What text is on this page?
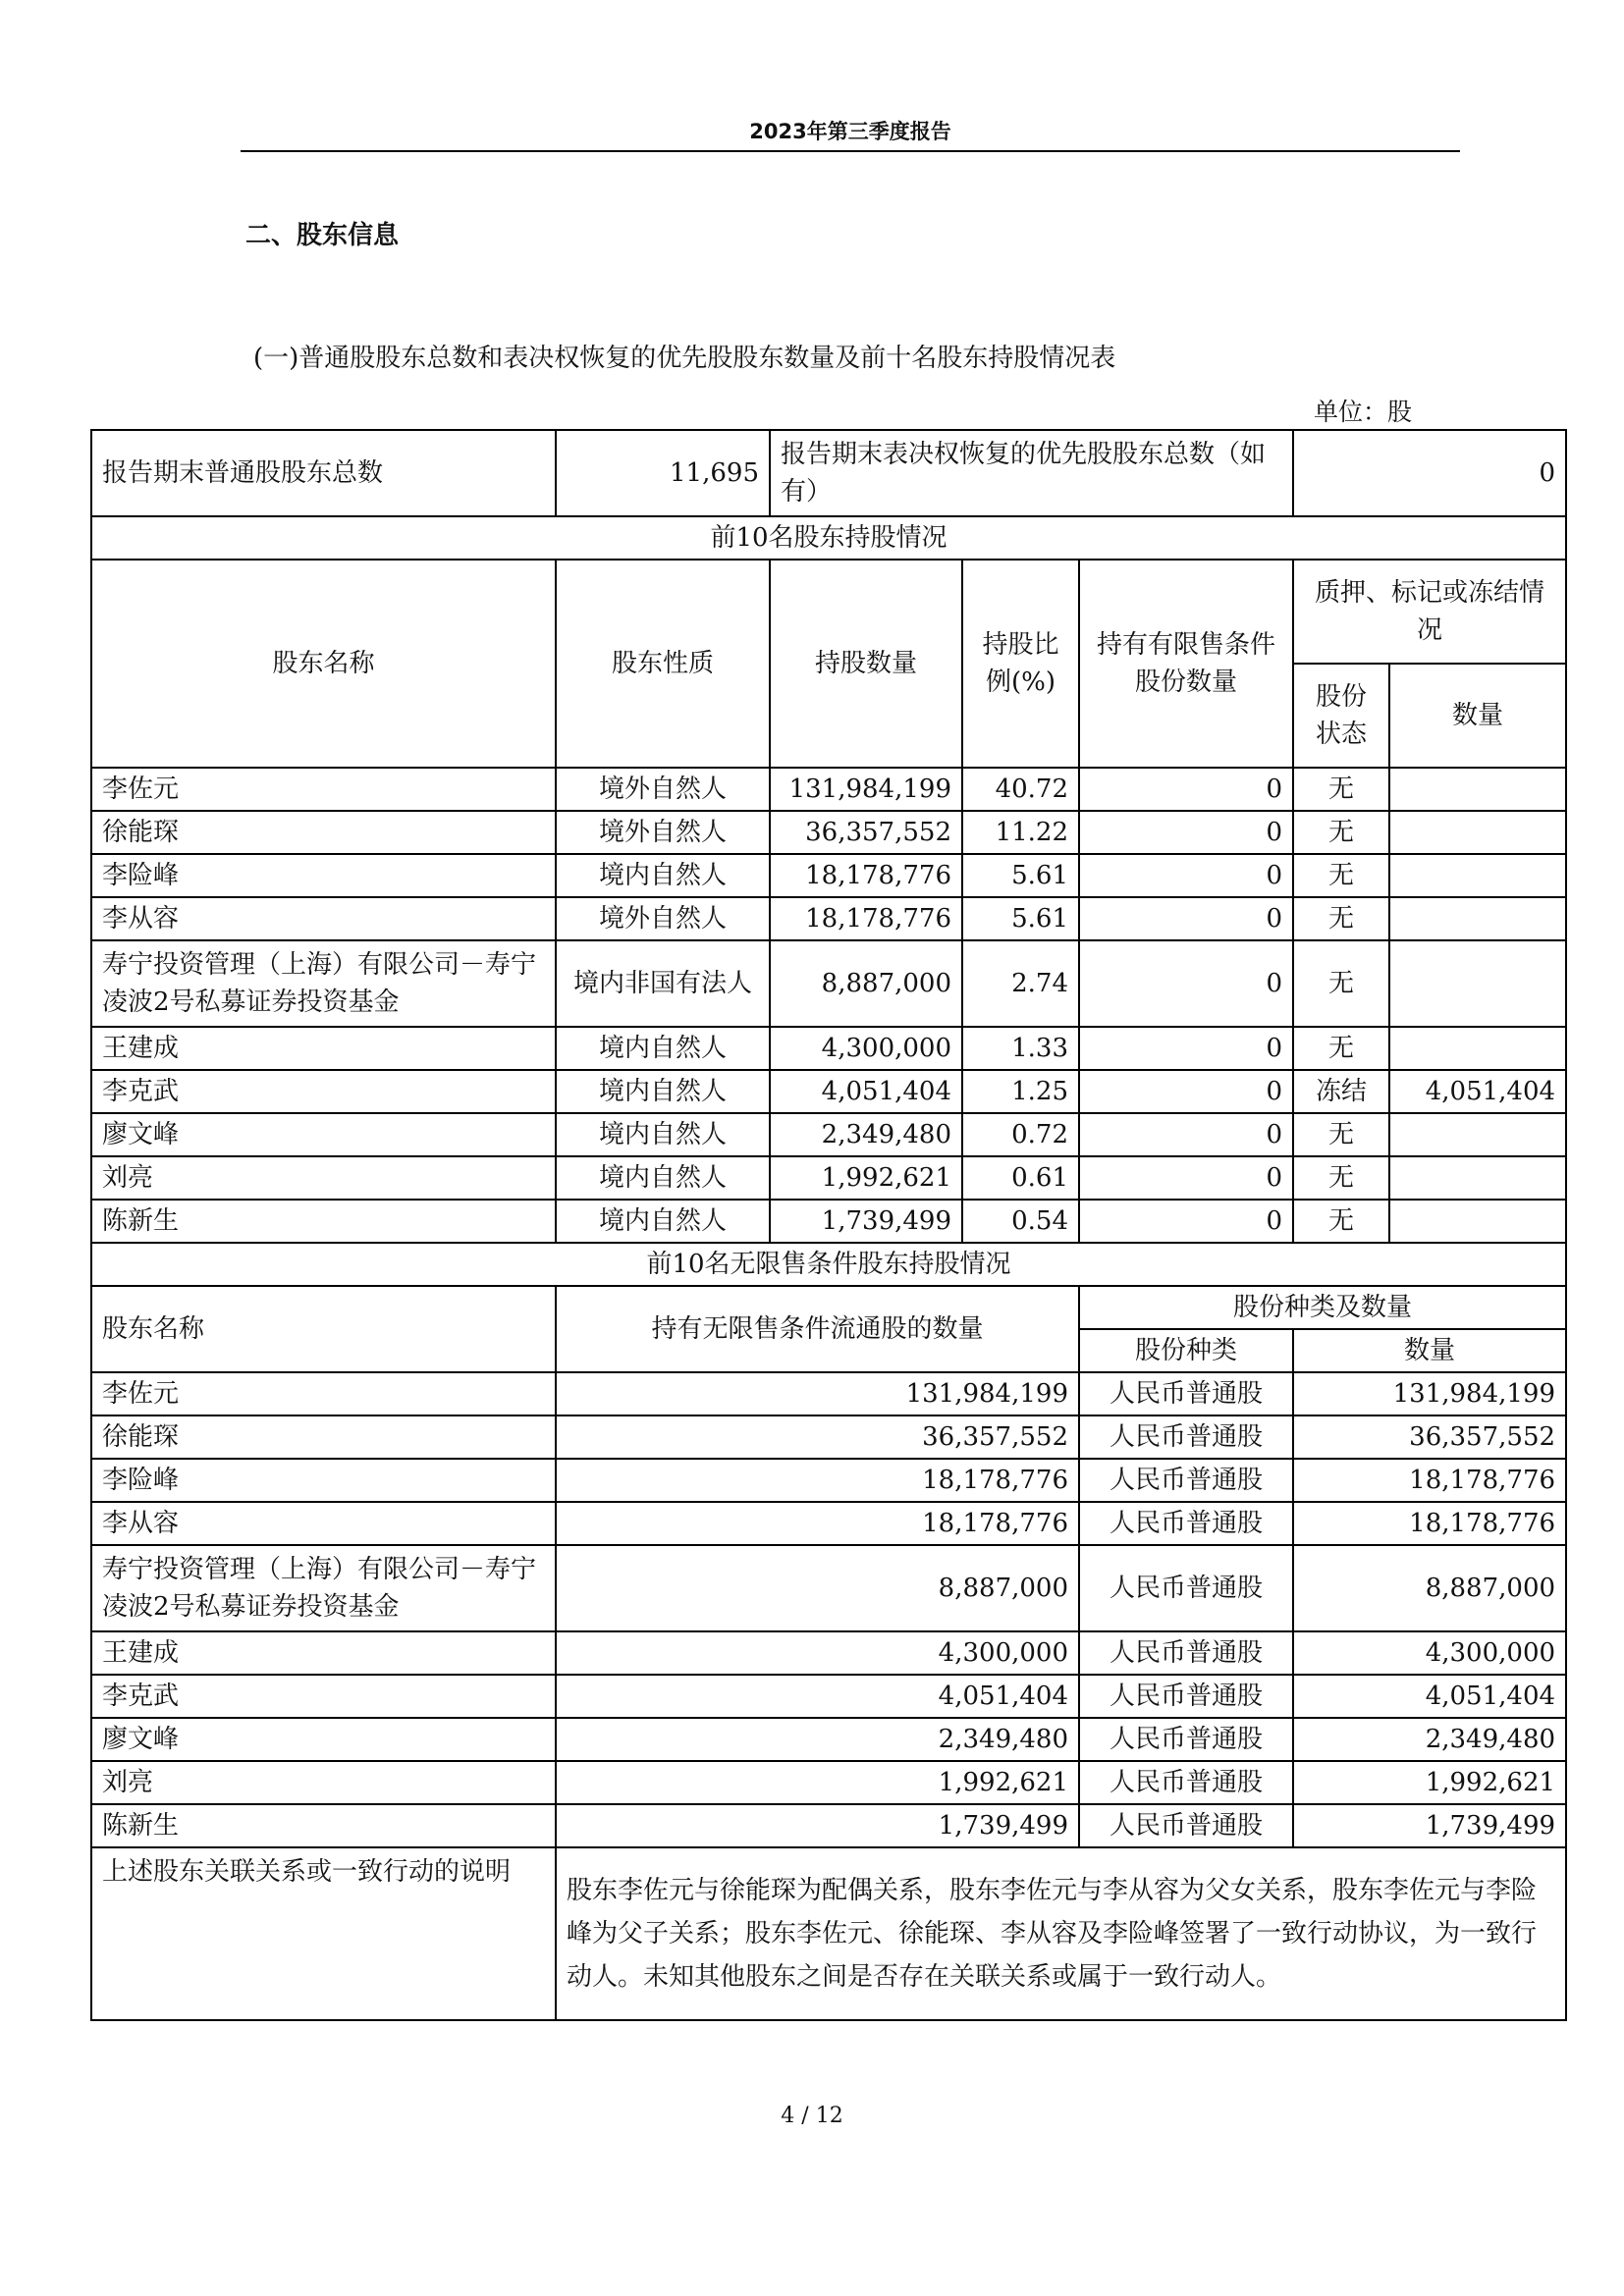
2023年第三季度报告
二、股东信息
(一)普通股股东总数和表决权恢复的优先股股东数量及前十名股东持股情况表
单位：股
报告期末普通股股东总数	11,695	报告期末表决权恢复的优先股股东总数（如有）			0	
前10名股东持股情况						
股东名称	股东性质	持股数量	持股比例(%)	持有有限售条件股份数量	质押、标记或冻结情况	
					股份状态	数量
李佐元	境外自然人	131,984,199	40.72	0	无	
徐能琛	境外自然人	36,357,552	11.22	0	无	
李险峰	境内自然人	18,178,776	5.61	0	无	
李从容	境外自然人	18,178,776	5.61	0	无	
寿宁投资管理（上海）有限公司－寿宁凌波2号私募证券投资基金	境内非国有法人	8,887,000	2.74	0	无	
王建成	境内自然人	4,300,000	1.33	0	无	
李克武	境内自然人	4,051,404	1.25	0	冻结	4,051,404
廖文峰	境内自然人	2,349,480	0.72	0	无	
刘亮	境内自然人	1,992,621	0.61	0	无	
陈新生	境内自然人	1,739,499	0.54	0	无	
前10名无限售条件股东持股情况			
股东名称	持有无限售条件流通股的数量	股份种类及数量	
		股份种类	数量
李佐元	131,984,199	人民币普通股	131,984,199
徐能琛	36,357,552	人民币普通股	36,357,552
李险峰	18,178,776	人民币普通股	18,178,776
李从容	18,178,776	人民币普通股	18,178,776
寿宁投资管理（上海）有限公司－寿宁凌波2号私募证券投资基金	8,887,000	人民币普通股	8,887,000
王建成	4,300,000	人民币普通股	4,300,000
李克武	4,051,404	人民币普通股	4,051,404
廖文峰	2,349,480	人民币普通股	2,349,480
刘亮	1,992,621	人民币普通股	1,992,621
陈新生	1,739,499	人民币普通股	1,739,499
上述股东关联关系或一致行动的说明	股东李佐元与徐能琛为配偶关系，股东李佐元与李从容为父女关系，股东李佐元与李险峰为父子关系；股东李佐元、徐能琛、李从容及李险峰签署了一致行动协议，为一致行动人。未知其他股东之间是否存在关联关系或属于一致行动人。		
4 / 12
